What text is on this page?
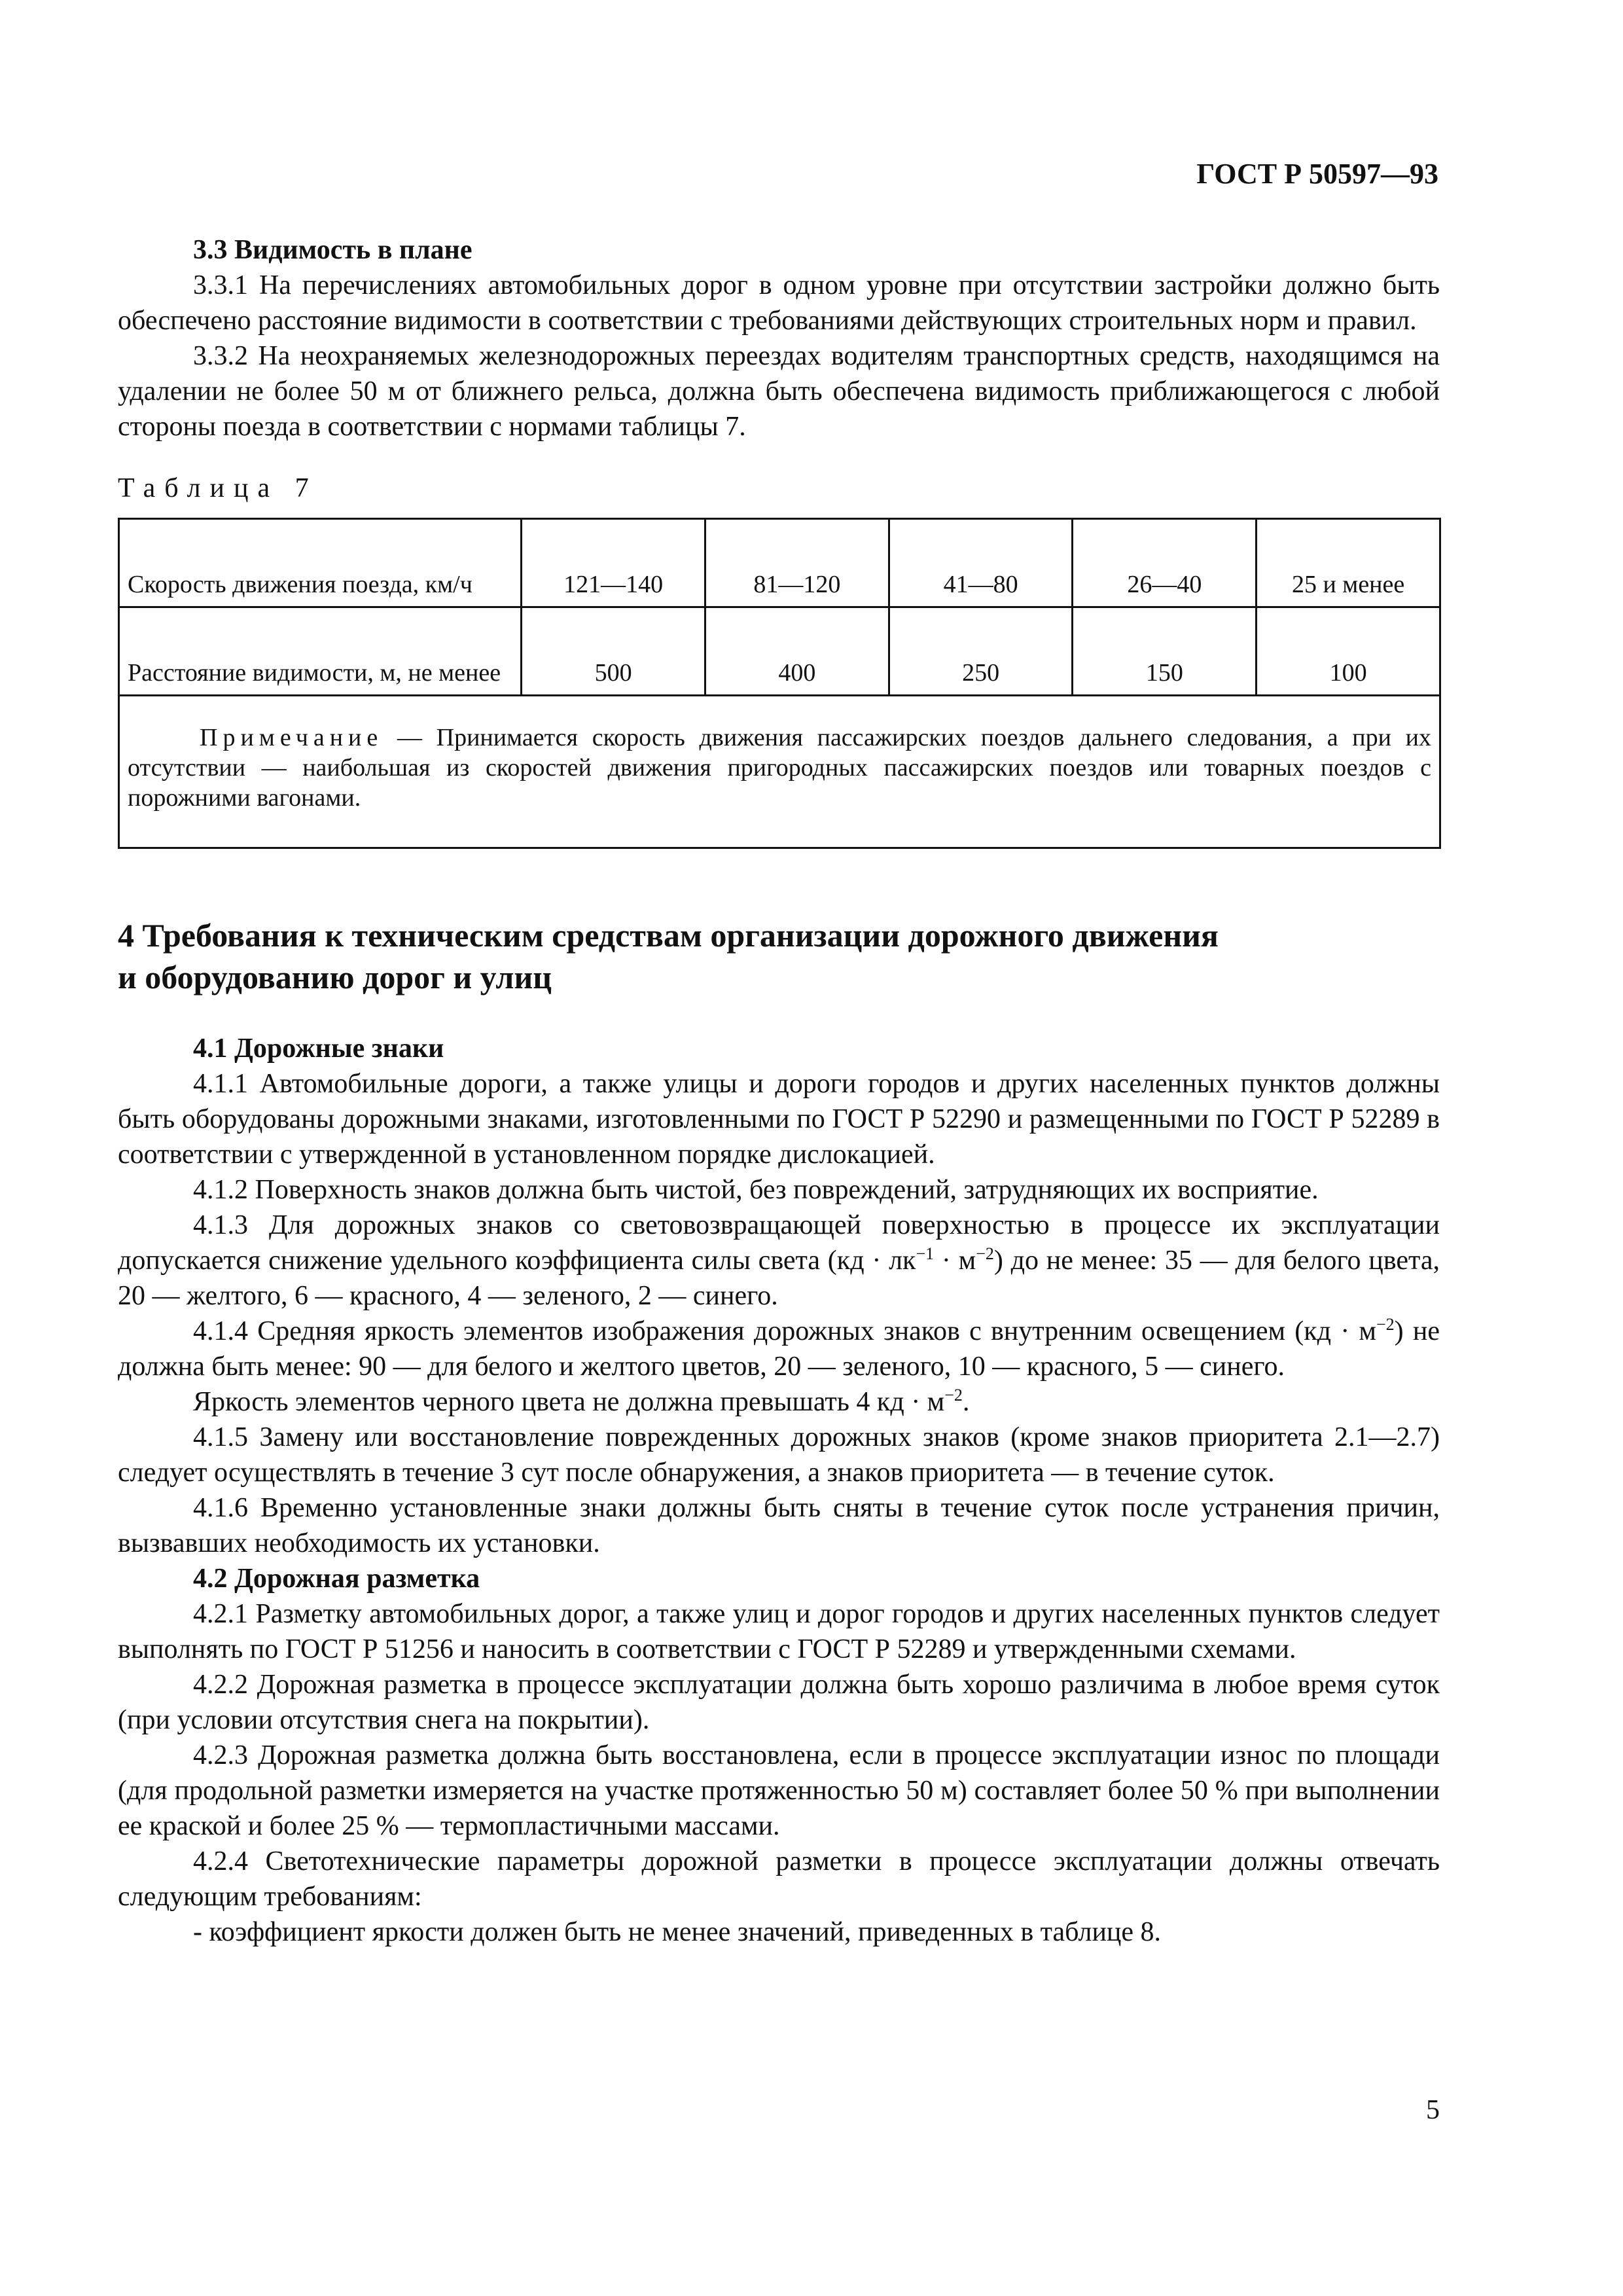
ГОСТ Р 50597—93

3.3 Видимость в плане

3.3.1 На перечислениях автомобильных дорог в одном уровне при отсутствии застройки должно быть обеспечено расстояние видимости в соответствии с требованиями действующих строительных норм и правил.

3.3.2 На неохраняемых железнодорожных переездах водителям транспортных средств, находящимся на удалении не более 50 м от ближнего рельса, должна быть обеспечена видимость приближающегося с любой стороны поезда в соответствии с нормами таблицы 7.

Таблица 7

Скорость движения поезда, км/ч	121—140	81—120	41—80	26—40	25 и менее
Расстояние видимости, м, не менее	500	400	250	150	100
Примечание — Принимается скорость движения пассажирских поездов дальнего следования, а при их отсутствии — наибольшая из скоростей движения пригородных пассажирских поездов или товарных поездов с порожними вагонами.					
4 Требования к техническим средствам организации дорожного движения
и оборудованию дорог и улиц

4.1 Дорожные знаки

4.1.1 Автомобильные дороги, а также улицы и дороги городов и других населенных пунктов должны быть оборудованы дорожными знаками, изготовленными по ГОСТ Р 52290 и размещенными по ГОСТ Р 52289 в соответствии с утвержденной в установленном порядке дислокацией.

4.1.2 Поверхность знаков должна быть чистой, без повреждений, затрудняющих их восприятие.

4.1.3 Для дорожных знаков со световозвращающей поверхностью в процессе их эксплуатации допускается снижение удельного коэффициента силы света $(кд \cdot лк^{-1} \cdot м^{-2})$ до не менее: 35 — для белого цвета, 20 — желтого, 6 — красного, 4 — зеленого, 2 — синего.

4.1.4 Средняя яркость элементов изображения дорожных знаков с внутренним освещением $(кд \cdot м^{-2})$ не должна быть менее: 90 — для белого и желтого цветов, 20 — зеленого, 10 — красного, 5 — синего.

Яркость элементов черного цвета не должна превышать 4 кд · $м^{-2}$.

4.1.5 Замену или восстановление поврежденных дорожных знаков (кроме знаков приоритета 2.1—2.7) следует осуществлять в течение 3 сут после обнаружения, а знаков приоритета — в течение суток.

4.1.6 Временно установленные знаки должны быть сняты в течение суток после устранения причин, вызвавших необходимость их установки.

4.2 Дорожная разметка

4.2.1 Разметку автомобильных дорог, а также улиц и дорог городов и других населенных пунктов следует выполнять по ГОСТ Р 51256 и наносить в соответствии с ГОСТ Р 52289 и утвержденными схемами.

4.2.2 Дорожная разметка в процессе эксплуатации должна быть хорошо различима в любое время суток (при условии отсутствия снега на покрытии).

4.2.3 Дорожная разметка должна быть восстановлена, если в процессе эксплуатации износ по площади (для продольной разметки измеряется на участке протяженностью 50 м) составляет более 50 % при выполнении ее краской и более 25 % — термопластичными массами.

4.2.4 Светотехнические параметры дорожной разметки в процессе эксплуатации должны отвечать следующим требованиям:

- коэффициент яркости должен быть не менее значений, приведенных в таблице 8.

5
